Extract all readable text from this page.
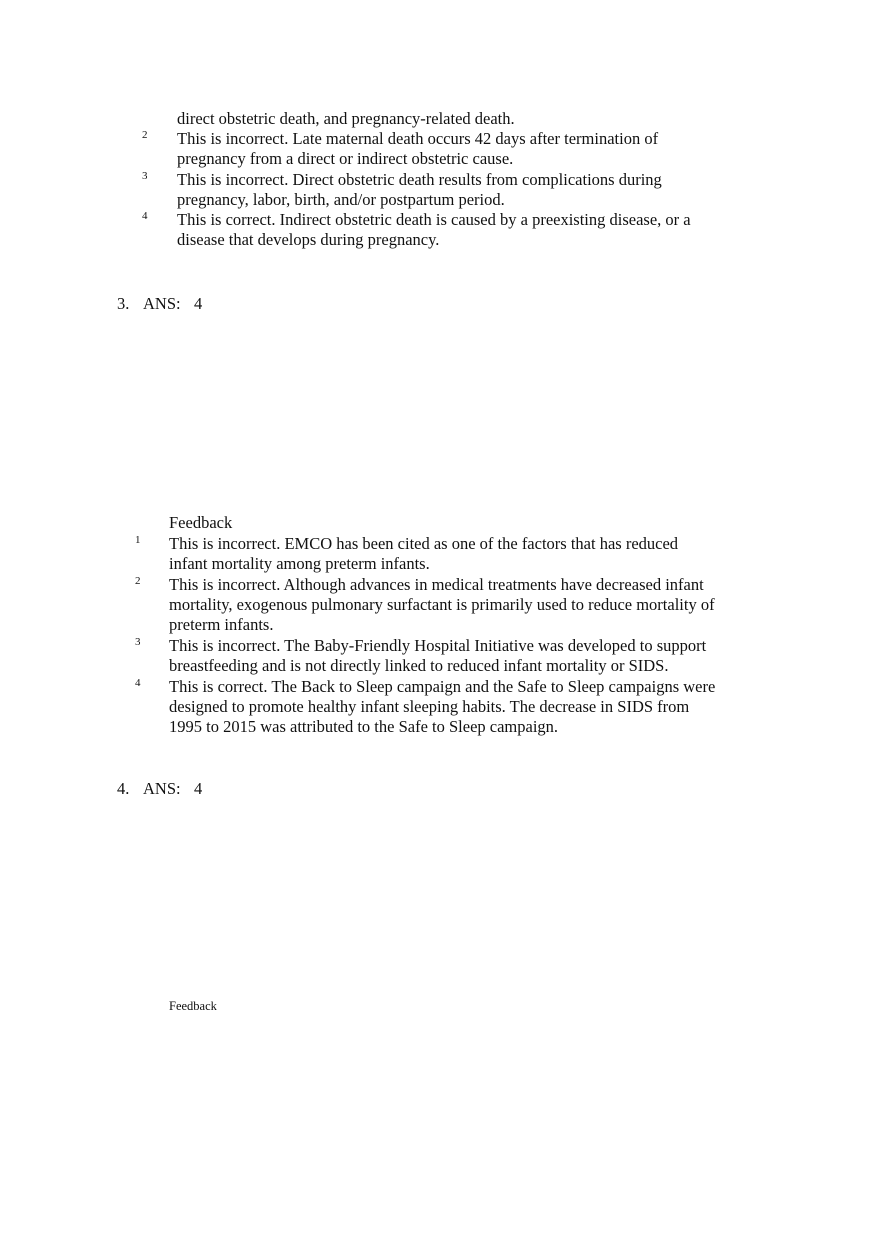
direct obstetric death, and pregnancy-related death.
2 This is incorrect. Late maternal death occurs 42 days after termination of
pregnancy from a direct or indirect obstetric cause.
3 This is incorrect. Direct obstetric death results from complications during
pregnancy, labor, birth, and/or postpartum period.
4 This is correct. Indirect obstetric death is caused by a preexisting disease, or a
disease that develops during pregnancy.
3. ANS: 4
Feedback
1 This is incorrect. EMCO has been cited as one of the factors that has reduced
infant mortality among preterm infants.
2 This is incorrect. Although advances in medical treatments have decreased infant
mortality, exogenous pulmonary surfactant is primarily used to reduce mortality of
preterm infants.
3 This is incorrect. The Baby-Friendly Hospital Initiative was developed to support
breastfeeding and is not directly linked to reduced infant mortality or SIDS.
4 This is correct. The Back to Sleep campaign and the Safe to Sleep campaigns were
designed to promote healthy infant sleeping habits. The decrease in SIDS from
1995 to 2015 was attributed to the Safe to Sleep campaign.
4. ANS: 4
Feedback
